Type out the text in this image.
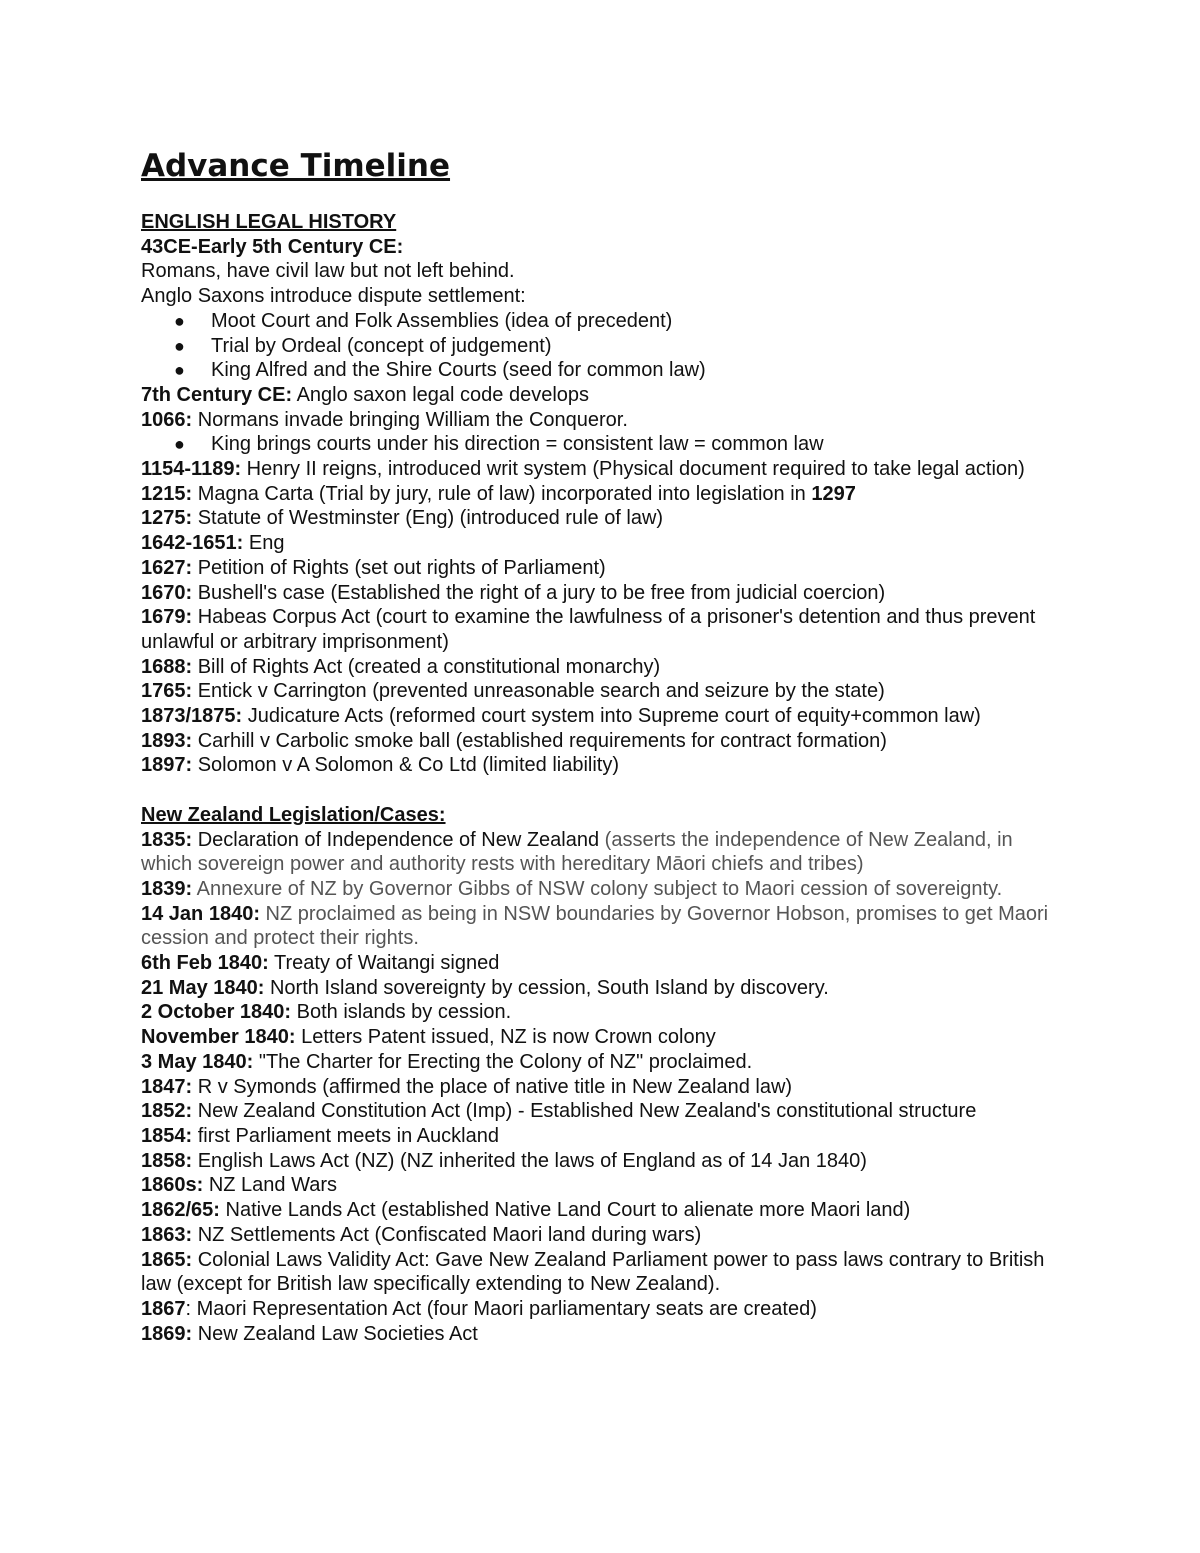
Advance Timeline
ENGLISH LEGAL HISTORY
43CE-Early 5th Century CE:
Romans, have civil law but not left behind.
Anglo Saxons introduce dispute settlement:
● Moot Court and Folk Assemblies (idea of precedent)
● Trial by Ordeal (concept of judgement)
● King Alfred and the Shire Courts (seed for common law)
7th Century CE: Anglo saxon legal code develops
1066: Normans invade bringing William the Conqueror.
● King brings courts under his direction = consistent law = common law
1154-1189: Henry II reigns, introduced writ system (Physical document required to take legal action)
1215: Magna Carta (Trial by jury, rule of law) incorporated into legislation in 1297
1275: Statute of Westminster (Eng) (introduced rule of law)
1642-1651: Eng
1627: Petition of Rights (set out rights of Parliament)
1670: Bushell's case (Established the right of a jury to be free from judicial coercion)
1679: Habeas Corpus Act (court to examine the lawfulness of a prisoner's detention and thus prevent unlawful or arbitrary imprisonment)
1688: Bill of Rights Act (created a constitutional monarchy)
1765: Entick v Carrington (prevented unreasonable search and seizure by the state)
1873/1875: Judicature Acts (reformed court system into Supreme court of equity+common law)
1893: Carhill v Carbolic smoke ball (established requirements for contract formation)
1897: Solomon v A Solomon & Co Ltd (limited liability)
New Zealand Legislation/Cases:
1835: Declaration of Independence of New Zealand (asserts the independence of New Zealand, in which sovereign power and authority rests with hereditary Māori chiefs and tribes)
1839: Annexure of NZ by Governor Gibbs of NSW colony subject to Maori cession of sovereignty.
14 Jan 1840: NZ proclaimed as being in NSW boundaries by Governor Hobson, promises to get Maori cession and protect their rights.
6th Feb 1840: Treaty of Waitangi signed
21 May 1840: North Island sovereignty by cession, South Island by discovery.
2 October 1840: Both islands by cession.
November 1840: Letters Patent issued, NZ is now Crown colony
3 May 1840: "The Charter for Erecting the Colony of NZ" proclaimed.
1847: R v Symonds (affirmed the place of native title in New Zealand law)
1852: New Zealand Constitution Act (Imp) - Established New Zealand's constitutional structure
1854: first Parliament meets in Auckland
1858: English Laws Act (NZ) (NZ inherited the laws of England as of 14 Jan 1840)
1860s: NZ Land Wars
1862/65: Native Lands Act (established Native Land Court to alienate more Maori land)
1863: NZ Settlements Act (Confiscated Maori land during wars)
1865: Colonial Laws Validity Act: Gave New Zealand Parliament power to pass laws contrary to British law (except for British law specifically extending to New Zealand).
1867: Maori Representation Act (four Maori parliamentary seats are created)
1869: New Zealand Law Societies Act
